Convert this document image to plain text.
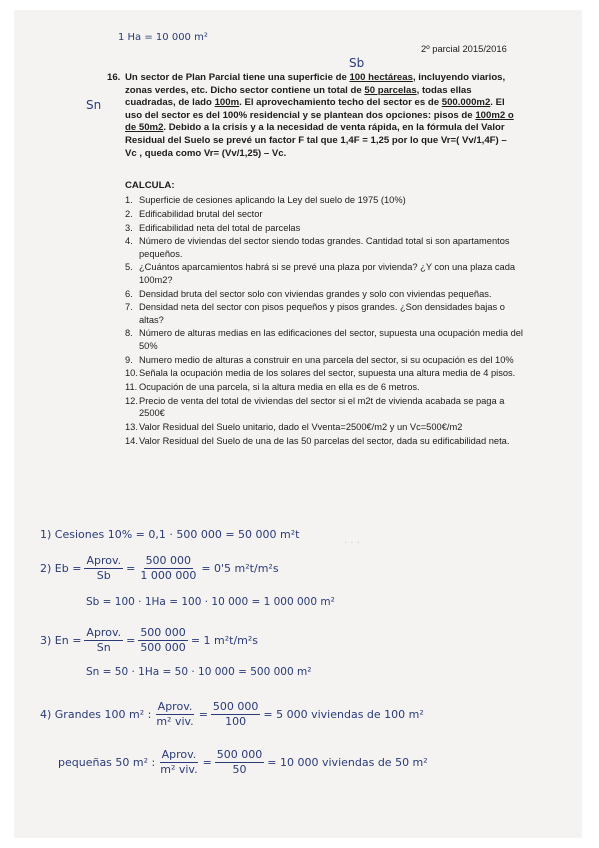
· · ·
1 Ha = 10 000 m²
2º parcial 2015/2016
Sb
Sn
16. Un sector de Plan Parcial tiene una superficie de 100 hectáreas, incluyendo viarios, zonas verdes, etc. Dicho sector contiene un total de 50 parcelas, todas ellas cuadradas, de lado 100m. El aprovechamiento techo del sector es de 500.000m2. El uso del sector es del 100% residencial y se plantean dos opciones: pisos de 100m2 o de 50m2. Debido a la crisis y a la necesidad de venta rápida, en la fórmula del Valor Residual del Suelo se prevé un factor F tal que 1,4F = 1,25 por lo que Vr=( Vv/1,4F) – Vc , queda como Vr= (Vv/1,25) – Vc.
CALCULA:
1. Superficie de cesiones aplicando la Ley del suelo de 1975 (10%)
2. Edificabilidad brutal del sector
3. Edificabilidad neta del total de parcelas
4. Número de viviendas del sector siendo todas grandes. Cantidad total si son apartamentos pequeños.
5. ¿Cuántos aparcamientos habrá si se prevé una plaza por vivienda? ¿Y con una plaza cada 100m2?
6. Densidad bruta del sector solo con viviendas grandes y solo con viviendas pequeñas.
7. Densidad neta del sector con pisos pequeños y pisos grandes. ¿Son densidades bajas o altas?
8. Número de alturas medias en las edificaciones del sector, supuesta una ocupación media del 50%
9. Numero medio de alturas a construir en una parcela del sector, si su ocupación es del 10%
10. Señala la ocupación media de los solares del sector, supuesta una altura media de 4 pisos.
11. Ocupación de una parcela, si la altura media en ella es de 6 metros.
12. Precio de venta del total de viviendas del sector si el m2t de vivienda acabada se paga a 2500€
13. Valor Residual del Suelo unitario, dado el Vventa=2500€/m2 y un Vc=500€/m2
14. Valor Residual del Suelo de una de las 50 parcelas del sector, dada su edificabilidad neta.
1) Cesiones 10% = 0,1 · 500 000 = 50 000 m²t
2) $Eb = \frac{\text{Aprov.}}{Sb} = \frac{500 000}{1 000 000} = 0'5$ m²t/m²s
Sb = 100 · 1Ha = 100 · 10 000 = 1 000 000 m²
3) $En = \frac{\text{Aprov.}}{Sn} = \frac{500 000}{500 000} = 1$ m²t/m²s
Sn = 50 · 1Ha = 50 · 10 000 = 500 000 m²
4) Grandes 100 m² : $\frac{\text{Aprov.}}{\text{m² viv.}} = \frac{500 000}{100} = 5$ 000 viviendas de 100 m²
pequeñas 50 m² : $\frac{\text{Aprov.}}{\text{m² viv.}} = \frac{500 000}{50} = 10$ 000 viviendas de 50 m²
